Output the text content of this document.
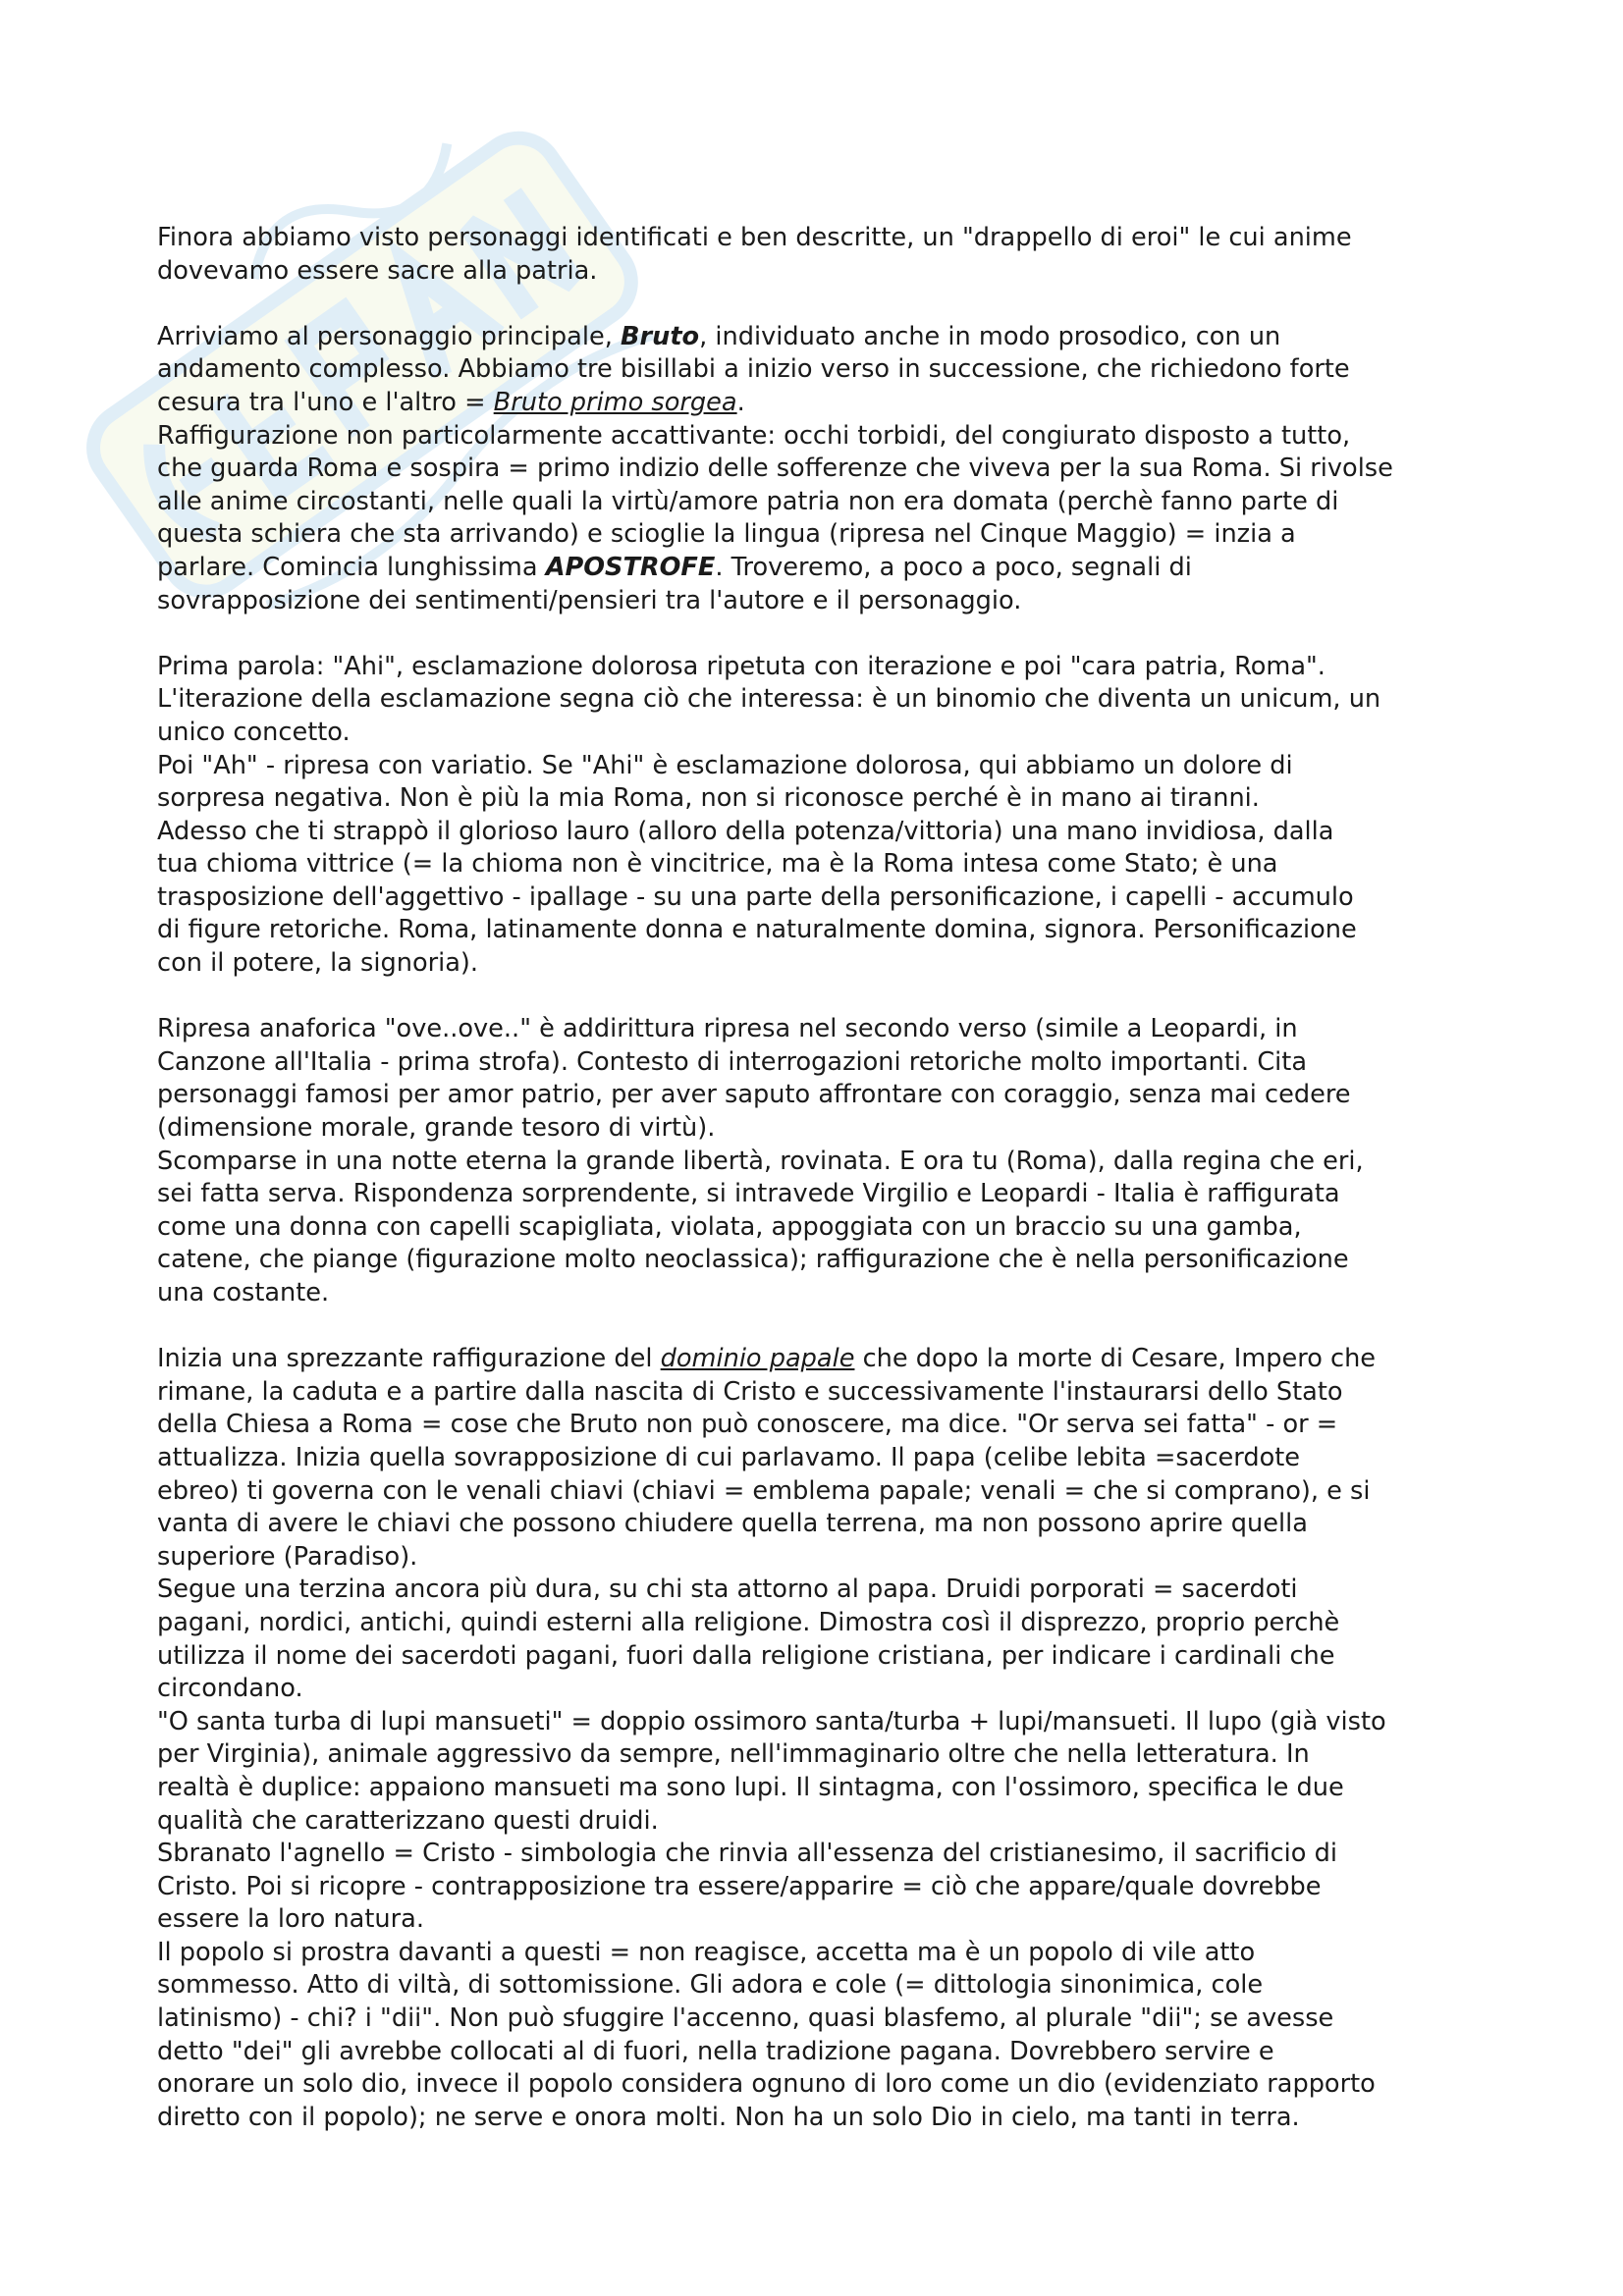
Finora abbiamo visto personaggi identificati e ben descritte, un "drappello di eroi" le cui anime
dovevamo essere sacre alla patria.

Arriviamo al personaggio principale, Bruto, individuato anche in modo prosodico, con un
andamento complesso. Abbiamo tre bisillabi a inizio verso in successione, che richiedono forte
cesura tra l'uno e l'altro = Bruto primo sorgea.
Raffigurazione non particolarmente accattivante: occhi torbidi, del congiurato disposto a tutto,
che guarda Roma e sospira = primo indizio delle sofferenze che viveva per la sua Roma. Si rivolse
alle anime circostanti, nelle quali la virtù/amore patria non era domata (perchè fanno parte di
questa schiera che sta arrivando) e scioglie la lingua (ripresa nel Cinque Maggio) = inzia a
parlare. Comincia lunghissima APOSTROFE. Troveremo, a poco a poco, segnali di
sovrapposizione dei sentimenti/pensieri tra l'autore e il personaggio.

Prima parola: "Ahi", esclamazione dolorosa ripetuta con iterazione e poi "cara patria, Roma".
L'iterazione della esclamazione segna ciò che interessa: è un binomio che diventa un unicum, un
unico concetto.
Poi "Ah" - ripresa con variatio. Se "Ahi" è esclamazione dolorosa, qui abbiamo un dolore di
sorpresa negativa. Non è più la mia Roma, non si riconosce perché è in mano ai tiranni.
Adesso che ti strappò il glorioso lauro (alloro della potenza/vittoria) una mano invidiosa, dalla
tua chioma vittrice (= la chioma non è vincitrice, ma è la Roma intesa come Stato; è una
trasposizione dell'aggettivo - ipallage - su una parte della personificazione, i capelli - accumulo
di figure retoriche. Roma, latinamente donna e naturalmente domina, signora. Personificazione
con il potere, la signoria).

Ripresa anaforica "ove..ove.." è addirittura ripresa nel secondo verso (simile a Leopardi, in
Canzone all'Italia - prima strofa). Contesto di interrogazioni retoriche molto importanti. Cita
personaggi famosi per amor patrio, per aver saputo affrontare con coraggio, senza mai cedere
(dimensione morale, grande tesoro di virtù).
Scomparse in una notte eterna la grande libertà, rovinata. E ora tu (Roma), dalla regina che eri,
sei fatta serva. Rispondenza sorprendente, si intravede Virgilio e Leopardi - Italia è raffigurata
come una donna con capelli scapigliata, violata, appoggiata con un braccio su una gamba,
catene, che piange (figurazione molto neoclassica); raffigurazione che è nella personificazione
una costante.

Inizia una sprezzante raffigurazione del dominio papale che dopo la morte di Cesare, Impero che
rimane, la caduta e a partire dalla nascita di Cristo e successivamente l'instaurarsi dello Stato
della Chiesa a Roma = cose che Bruto non può conoscere, ma dice. "Or serva sei fatta" - or =
attualizza. Inizia quella sovrapposizione di cui parlavamo. Il papa (celibe lebita =sacerdote
ebreo) ti governa con le venali chiavi (chiavi = emblema papale; venali = che si comprano), e si
vanta di avere le chiavi che possono chiudere quella terrena, ma non possono aprire quella
superiore (Paradiso).
Segue una terzina ancora più dura, su chi sta attorno al papa. Druidi porporati = sacerdoti
pagani, nordici, antichi, quindi esterni alla religione. Dimostra così il disprezzo, proprio perchè
utilizza il nome dei sacerdoti pagani, fuori dalla religione cristiana, per indicare i cardinali che
circondano.
"O santa turba di lupi mansueti" = doppio ossimoro santa/turba + lupi/mansueti. Il lupo (già visto
per Virginia), animale aggressivo da sempre, nell'immaginario oltre che nella letteratura. In
realtà è duplice: appaiono mansueti ma sono lupi. Il sintagma, con l'ossimoro, specifica le due
qualità che caratterizzano questi druidi.
Sbranato l'agnello = Cristo - simbologia che rinvia all'essenza del cristianesimo, il sacrificio di
Cristo. Poi si ricopre - contrapposizione tra essere/apparire = ciò che appare/quale dovrebbe
essere la loro natura.
Il popolo si prostra davanti a questi = non reagisce, accetta ma è un popolo di vile atto
sommesso. Atto di viltà, di sottomissione. Gli adora e cole (= dittologia sinonimica, cole
latinismo) - chi? i "dii". Non può sfuggire l'accenno, quasi blasfemo, al plurale "dii"; se avesse
detto "dei" gli avrebbe collocati al di fuori, nella tradizione pagana. Dovrebbero servire e
onorare un solo dio, invece il popolo considera ognuno di loro come un dio (evidenziato rapporto
diretto con il popolo); ne serve e onora molti. Non ha un solo Dio in cielo, ma tanti in terra.
